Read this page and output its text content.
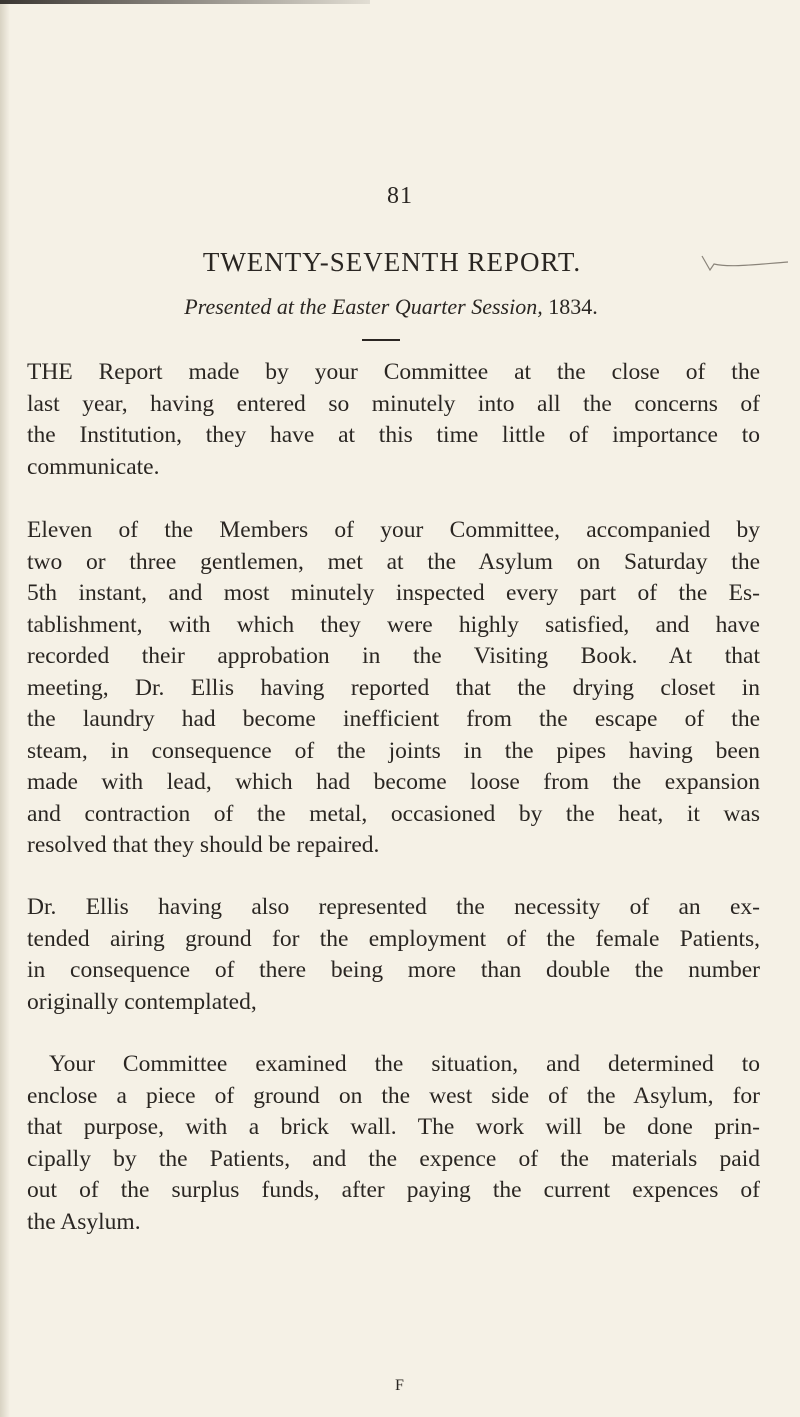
81
TWENTY-SEVENTH REPORT.
Presented at the Easter Quarter Session, 1834.

THE Report made by your Committee at the close of the
last year, having entered so minutely into all the concerns of
the Institution, they have at this time little of importance to
communicate.

Eleven of the Members of your Committee, accompanied by
two or three gentlemen, met at the Asylum on Saturday the
5th instant, and most minutely inspected every part of the Es-
tablishment, with which they were highly satisfied, and have
recorded their approbation in the Visiting Book. At that
meeting, Dr. Ellis having reported that the drying closet in
the laundry had become inefficient from the escape of the
steam, in consequence of the joints in the pipes having been
made with lead, which had become loose from the expansion
and contraction of the metal, occasioned by the heat, it was
resolved that they should be repaired.

Dr. Ellis having also represented the necessity of an ex-
tended airing ground for the employment of the female Patients,
in consequence of there being more than double the number
originally contemplated,

Your Committee examined the situation, and determined to
enclose a piece of ground on the west side of the Asylum, for
that purpose, with a brick wall. The work will be done prin-
cipally by the Patients, and the expence of the materials paid
out of the surplus funds, after paying the current expences of
the Asylum.

F
